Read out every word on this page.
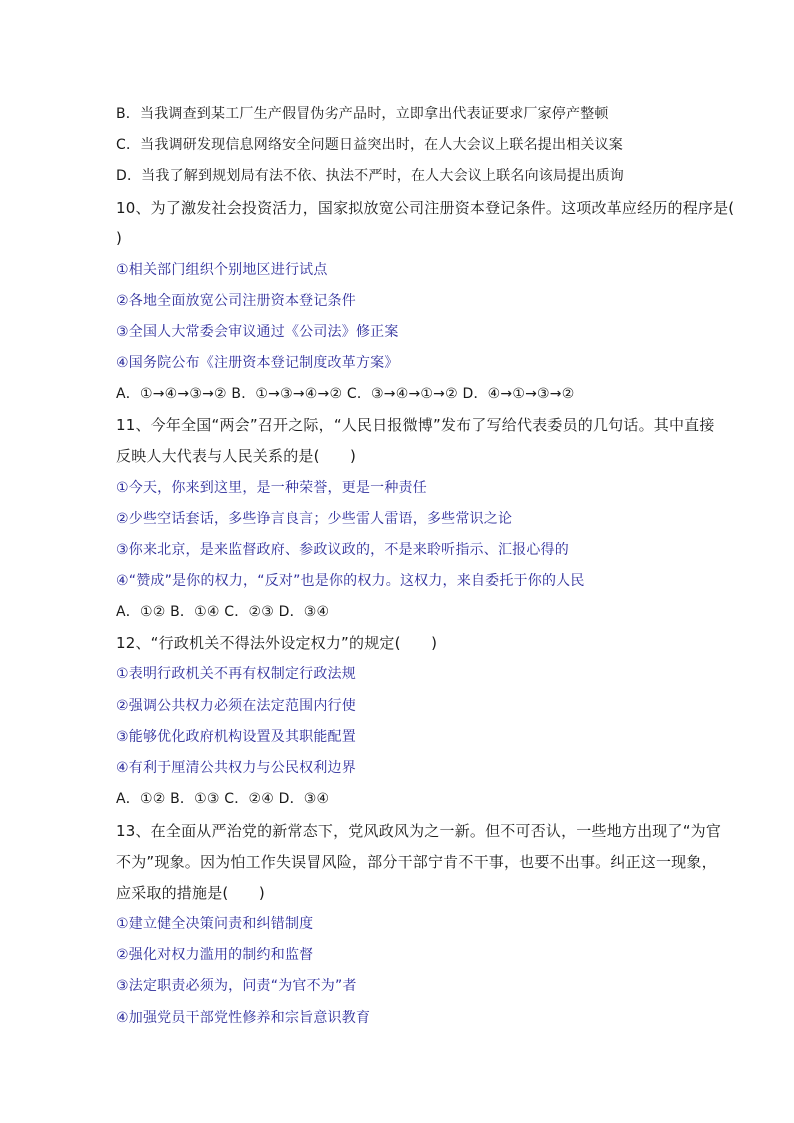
B．当我调查到某工厂生产假冒伪劣产品时，立即拿出代表证要求厂家停产整顿
C．当我调研发现信息网络安全问题日益突出时，在人大会议上联名提出相关议案
D．当我了解到规划局有法不依、执法不严时，在人大会议上联名向该局提出质询
10、为了激发社会投资活力，国家拟放宽公司注册资本登记条件。这项改革应经历的程序是(
)
①相关部门组织个别地区进行试点
②各地全面放宽公司注册资本登记条件
③全国人大常委会审议通过《公司法》修正案
④国务院公布《注册资本登记制度改革方案》
A．①→④→③→② B．①→③→④→② C．③→④→①→② D．④→①→③→②
11、今年全国“两会”召开之际，“人民日报微博”发布了写给代表委员的几句话。其中直接
反映人大代表与人民关系的是(　　)
①今天，你来到这里，是一种荣誉，更是一种责任
②少些空话套话，多些诤言良言；少些雷人雷语，多些常识之论
③你来北京，是来监督政府、参政议政的，不是来聆听指示、汇报心得的
④“赞成”是你的权力，“反对”也是你的权力。这权力，来自委托于你的人民
A．①② B．①④ C．②③ D．③④
12、“行政机关不得法外设定权力”的规定(　　)
①表明行政机关不再有权制定行政法规
②强调公共权力必须在法定范围内行使
③能够优化政府机构设置及其职能配置
④有利于厘清公共权力与公民权利边界
A．①② B．①③ C．②④ D．③④
13、在全面从严治党的新常态下，党风政风为之一新。但不可否认，一些地方出现了“为官
不为”现象。因为怕工作失误冒风险，部分干部宁肯不干事，也要不出事。纠正这一现象，
应采取的措施是(　　)
①建立健全决策问责和纠错制度
②强化对权力滥用的制约和监督
③法定职责必须为，问责“为官不为”者
④加强党员干部党性修养和宗旨意识教育
